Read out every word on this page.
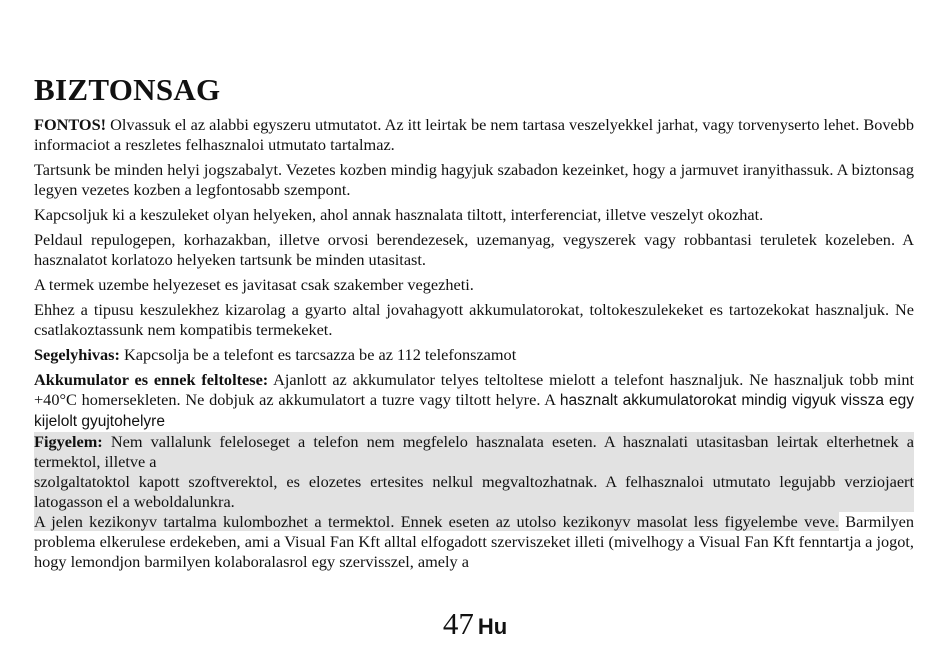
BIZTONSAG

FONTOS! Olvassuk el az alabbi egyszeru utmutatot. Az itt leirtak be nem tartasa veszelyekkel jarhat, vagy torvenyserto lehet. Bovebb informaciot a reszletes felhasznaloi utmutato tartalmaz.

Tartsunk be minden helyi jogszabalyt. Vezetes kozben mindig hagyjuk szabadon kezeinket, hogy a jarmuvet iranyithassuk. A biztonsag legyen vezetes kozben a legfontosabb szempont.

Kapcsoljuk ki a keszuleket olyan helyeken, ahol annak hasznalata tiltott, interferenciat, illetve veszelyt okozhat.

Peldaul repulogepen, korhazakban, illetve orvosi berendezesek, uzemanyag, vegyszerek vagy robbantasi teruletek kozeleben. A hasznalatot korlatozo helyeken tartsunk be minden utasitast.

A termek uzembe helyezeset es javitasat csak szakember vegezheti.

Ehhez a tipusu keszulekhez kizarolag a gyarto altal jovahagyott akkumulatorokat, toltokeszulekeket es tartozekokat hasznaljuk. Ne csatlakoztassunk nem kompatibis termekeket.

Segelyhivas: Kapcsolja be a telefont es tarcsazza be az 112 telefonszamot

Akkumulator es ennek feltoltese: Ajanlott az akkumulator telyes teltoltese mielott a telefont hasznaljuk. Ne hasznaljuk tobb mint +40°C homersekleten. Ne dobjuk az akkumulatort a tuzre vagy tiltott helyre. A hasznalt akkumulatorokat mindig vigyuk vissza egy kijelolt gyujtohelyre

Figyelem: Nem vallalunk feleloseget a telefon nem megfelelo hasznalata eseten. A hasznalati utasitasban leirtak elterhetnek a termektol, illetve a

szolgaltatoktol kapott szoftverektol, es elozetes ertesites nelkul megvaltozhatnak. A felhasznaloi utmutato legujabb verziojaert latogasson el a weboldalunkra.

A jelen kezikonyv tartalma kulombozhet a termektol. Ennek eseten az utolso kezikonyv masolat less figyelembe veve. Barmilyen problema elkerulese erdekeben, ami a Visual Fan Kft alltal elfogadott szerviszeket illeti (mivelhogy a Visual Fan Kft fenntartja a jogot, hogy lemondjon barmilyen kolaboralasrol egy szervisszel, amely a

47 Hu
